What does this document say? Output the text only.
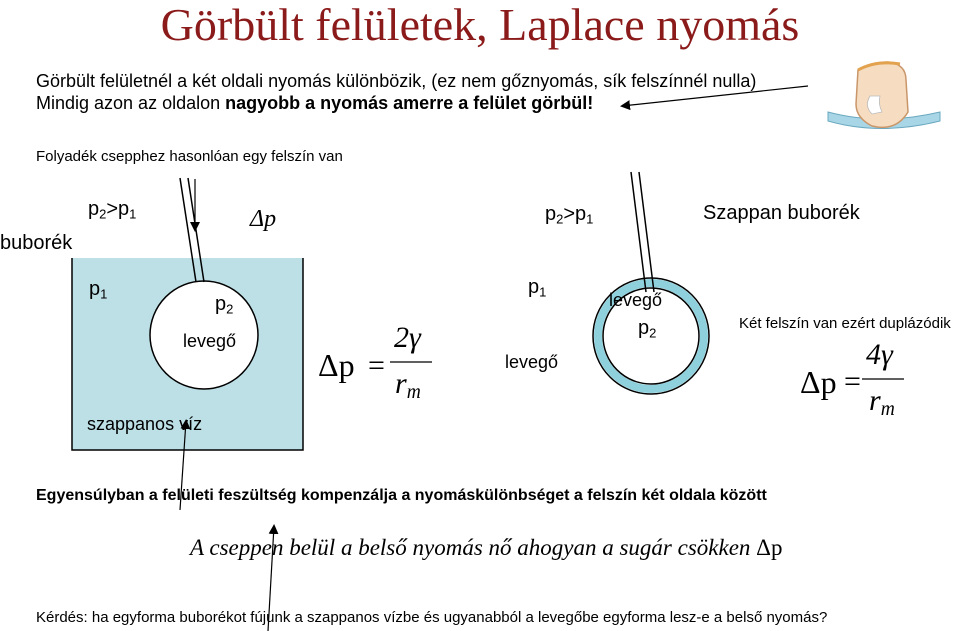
Görbült felületek, Laplace nyomás
Görbült felületnél a két oldali nyomás különbözik, (ez nem gőznyomás, sík felszínnél nulla)
Mindig azon az oldalon nagyobb a nyomás amerre a felület görbül!
Folyadék csepphez hasonlóan egy felszín van
buborék
$p_2>p_1$	Δp
$p_1$	$p_2$
levegő
szappanos víz
Δp =
2γ
$r_m$
$p_2>p_1$	Szappan buborék
$p_1$
levegő
levegő
$p_2$
Két felszín van ezért duplázódik
Δp =
4γ
$r_m$
Egyensúlyban a felületi feszültség kompenzálja a nyomáskülönbséget a felszín két oldala között
A cseppen belül a belső nyomás nő ahogyan a sugár csökken Δp
Kérdés: ha egyforma buborékot fújunk a szappanos vízbe és ugyanabból a levegőbe egyforma lesz-e a belső nyomás?
